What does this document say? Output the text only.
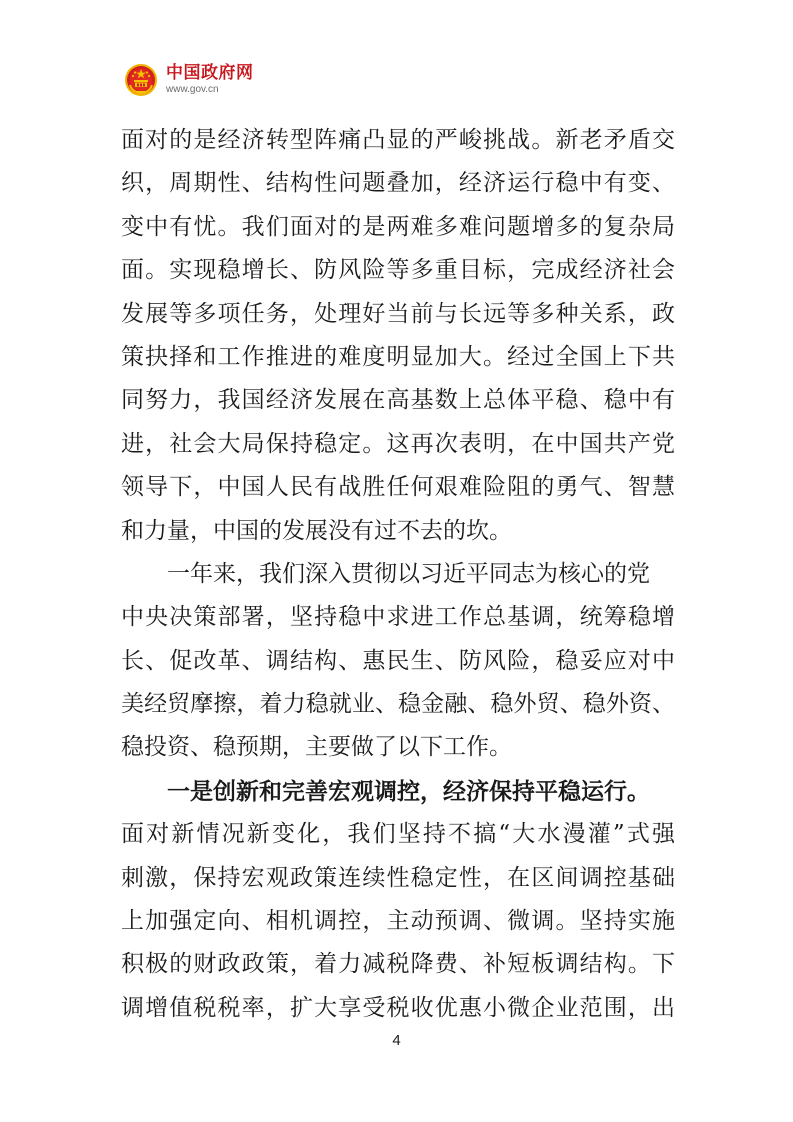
中国政府网
www.gov.cn
面对的是经济转型阵痛凸显的严峻挑战。新老矛盾交
织，周期性、结构性问题叠加，经济运行稳中有变、
变中有忧。我们面对的是两难多难问题增多的复杂局
面。实现稳增长、防风险等多重目标，完成经济社会
发展等多项任务，处理好当前与长远等多种关系，政
策抉择和工作推进的难度明显加大。经过全国上下共
同努力，我国经济发展在高基数上总体平稳、稳中有
进，社会大局保持稳定。这再次表明，在中国共产党
领导下，中国人民有战胜任何艰难险阻的勇气、智慧
和力量，中国的发展没有过不去的坎。
一年来，我们深入贯彻以习近平同志为核心的党
中央决策部署，坚持稳中求进工作总基调，统筹稳增
长、促改革、调结构、惠民生、防风险，稳妥应对中
美经贸摩擦，着力稳就业、稳金融、稳外贸、稳外资、
稳投资、稳预期，主要做了以下工作。
一是创新和完善宏观调控，经济保持平稳运行。
面对新情况新变化，我们坚持不搞“大水漫灌”式强
刺激，保持宏观政策连续性稳定性，在区间调控基础
上加强定向、相机调控，主动预调、微调。坚持实施
积极的财政政策，着力减税降费、补短板调结构。下
调增值税税率，扩大享受税收优惠小微企业范围，出
4
